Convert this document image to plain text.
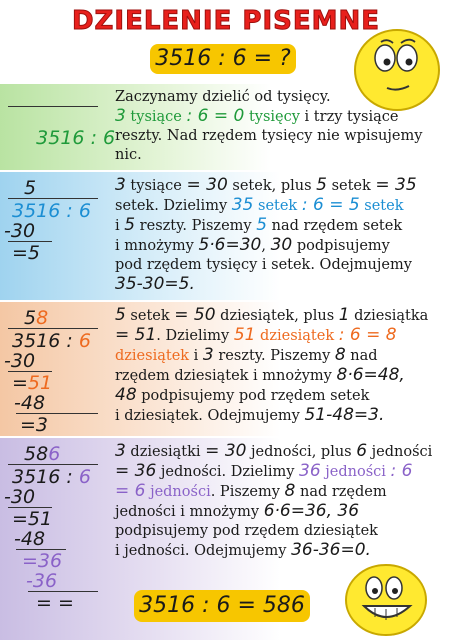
DZIELENIE PISEMNE
3516 : 6 = ?

3516 : 6

Zaczynamy dzielić od tysięcy.
3 tysiące : 6 = 0 tysięcy i trzy tysiące
reszty. Nad rzędem tysięcy nie wpisujemy
nic.
5
3516 : 6
-30
=5
3 tysiące = 30 setek, plus 5 setek = 35
setek. Dzielimy 35 setek : 6 = 5 setek
i 5 reszty. Piszemy 5 nad rzędem setek
i mnożymy 5·6=30, 30 podpisujemy
pod rzędem tysięcy i setek. Odejmujemy
35-30=5.
58
3516 : 6
-30
=51
-48
=3
5 setek = 50 dziesiątek, plus 1 dziesiątka
= 51. Dzielimy 51 dziesiątek : 6 = 8
dziesiątek i 3 reszty. Piszemy 8 nad
rzędem dziesiątek i mnożymy 8·6=48,
48 podpisujemy pod rzędem setek
i dziesiątek. Odejmujemy 51-48=3.
586
3516 : 6
-30
=51
-48
=36
-36
= =
3 dziesiątki = 30 jedności, plus 6 jedności
= 36 jedności. Dzielimy 36 jedności : 6
= 6 jedności. Piszemy 8 nad rzędem
jedności i mnożymy 6·6=36, 36
podpisujemy pod rzędem dziesiątek
i jedności. Odejmujemy 36-36=0.
3516 : 6 = 586
